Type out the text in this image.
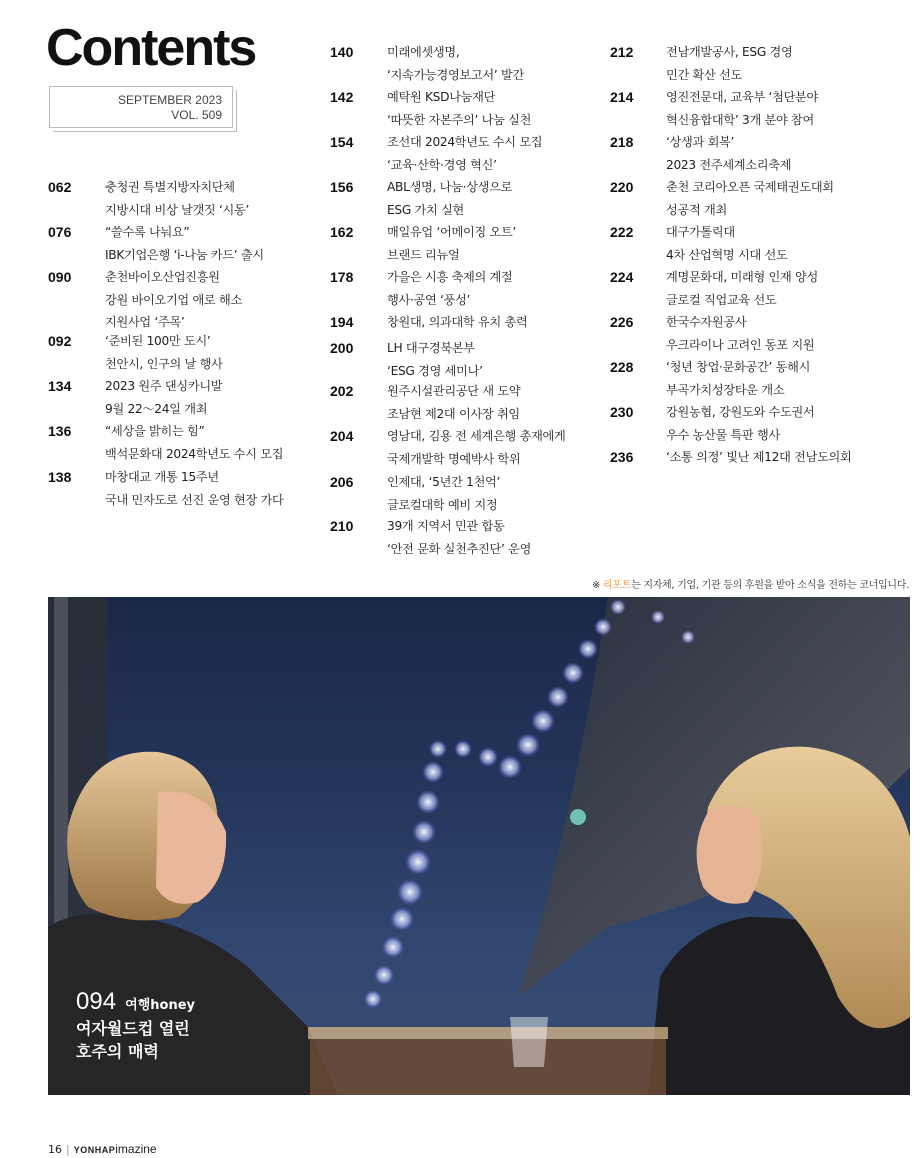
Contents
SEPTEMBER 2023
VOL. 509
062	충청권 특별지방자치단체
지방시대 비상 날갯짓 ‘시동’
076	“쓸수록 나눠요”
IBK기업은행 ‘i-나눔 카드’ 출시
090	춘천바이오산업진흥원
강원 바이오기업 애로 해소
지원사업 ‘주목’
092	‘준비된 100만 도시’
천안시, 인구의 날 행사
134	2023 원주 댄싱카니발
9월 22～24일 개최
136	“세상을 밝히는 힘”
백석문화대 2024학년도 수시 모집
138	마창대교 개통 15주년
국내 민자도로 선진 운영 현장 가다
140	미래에셋생명,
‘지속가능경영보고서’ 발간
142	예탁원 KSD나눔재단
‘따뜻한 자본주의’ 나눔 실천
154	조선대 2024학년도 수시 모집
‘교육·산학·경영 혁신’
156	ABL생명, 나눔·상생으로
ESG 가치 실현
162	매일유업 ‘어메이징 오트’
브랜드 리뉴얼
178	가을은 시흥 축제의 계절
행사·공연 ‘풍성’
194	창원대, 의과대학 유치 총력
200	LH 대구경북본부
‘ESG 경영 세미나’
202	원주시설관리공단 새 도약
조남현 제2대 이사장 취임
204	영남대, 김용 전 세계은행 총재에게
국제개발학 명예박사 학위
206	인제대, ‘5년간 1천억’
글로컬대학 예비 지정
210	39개 지역서 민관 합동
‘안전 문화 실천추진단’ 운영
212	전남개발공사, ESG 경영
민간 확산 선도
214	영진전문대, 교육부 ‘첨단분야
혁신융합대학’ 3개 분야 참여
218	‘상생과 회복’
2023 전주세계소리축제
220	춘천 코리아오픈 국제태권도대회
성공적 개최
222	대구가톨릭대
4차 산업혁명 시대 선도
224	계명문화대, 미래형 인재 양성
글로컬 직업교육 선도
226	한국수자원공사
우크라이나 고려인 동포 지원
228	‘청년 창업·문화공간’ 동해시
부곡가치성장타운 개소
230	강원농협, 강원도와 수도권서
우수 농산물 특판 행사
236	‘소통 의정’ 빛난 제12대 전남도의회
※ 리포트는 지자체, 기업, 기관 등의 후원을 받아 소식을 전하는 코너입니다.
094 여행honey
여자월드컵 열린
호주의 매력
16 | YONHAPimazine
